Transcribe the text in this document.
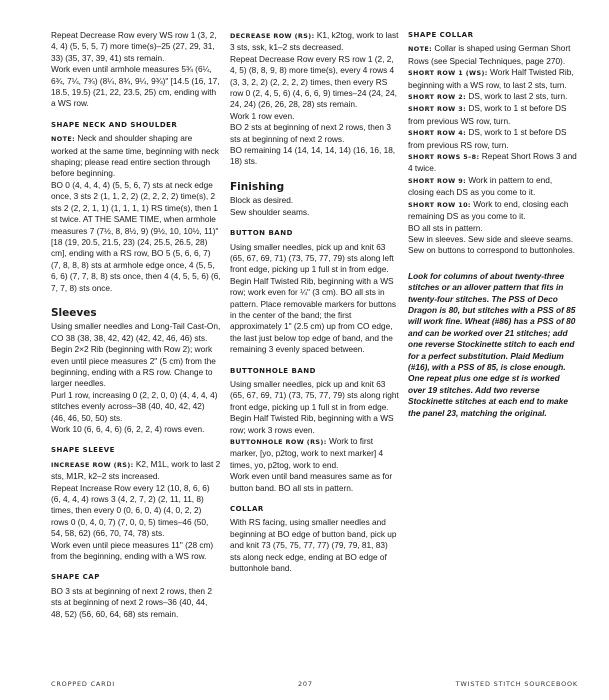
Repeat Decrease Row every WS row 1 (3, 2, 4, 4) (5, 5, 5, 7) more time(s)–25 (27, 29, 31, 33) (35, 37, 39, 41) sts remain.

Work even until armhole measures 5¾ (6¼, 6¾, 7¼, 7¾) (8¼, 8¾, 9¼, 9¾)" [14.5 (16, 17, 18.5, 19.5) (21, 22, 23.5, 25) cm, ending with a WS row.

SHAPE NECK AND SHOULDER

NOTE: Neck and shoulder shaping are worked at the same time, beginning with neck shaping; please read entire section through before beginning.

BO 0 (4, 4, 4, 4) (5, 5, 6, 7) sts at neck edge once, 3 sts 2 (1, 1, 2, 2) (2, 2, 2, 2) time(s), 2 sts 2 (2, 2, 1, 1) (1, 1, 1, 1) RS time(s), then 1 st twice. AT THE SAME TIME, when armhole measures 7 (7½, 8, 8½, 9) (9½, 10, 10½, 11)" [18 (19, 20.5, 21.5, 23) (24, 25.5, 26.5, 28) cm], ending with a RS row, BO 5 (5, 6, 6, 7) (7, 8, 8, 8) sts at armhole edge once, 4 (5, 5, 6, 6) (7, 7, 8, 8) sts once, then 4 (4, 5, 5, 6) (6, 7, 7, 8) sts once.

Sleeves

Using smaller needles and Long-Tail Cast-On, CO 38 (38, 38, 42, 42) (42, 42, 46, 46) sts.

Begin 2×2 Rib (beginning with Row 2); work even until piece measures 2" (5 cm) from the beginning, ending with a RS row. Change to larger needles.

Purl 1 row, increasing 0 (2, 2, 0, 0) (4, 4, 4, 4) stitches evenly across–38 (40, 40, 42, 42) (46, 46, 50, 50) sts.

Work 10 (6, 6, 4, 6) (6, 2, 2, 4) rows even.

SHAPE SLEEVE

INCREASE ROW (RS): K2, M1L, work to last 2 sts, M1R, k2–2 sts increased.

Repeat Increase Row every 12 (10, 8, 6, 6) (6, 4, 4, 4) rows 3 (4, 2, 7, 2) (2, 11, 11, 8) times, then every 0 (0, 6, 0, 4) (4, 0, 2, 2) rows 0 (0, 4, 0, 7) (7, 0, 0, 5) times–46 (50, 54, 58, 62) (66, 70, 74, 78) sts.

Work even until piece measures 11" (28 cm) from the beginning, ending with a WS row.

SHAPE CAP

BO 3 sts at beginning of next 2 rows, then 2 sts at beginning of next 2 rows–36 (40, 44, 48, 52) (56, 60, 64, 68) sts remain.

DECREASE ROW (RS): K1, k2tog, work to last 3 sts, ssk, k1–2 sts decreased.

Repeat Decrease Row every RS row 1 (2, 2, 4, 5) (8, 8, 9, 8) more time(s), every 4 rows 4 (3, 3, 2, 2) (2, 2, 2, 2) times, then every RS row 0 (2, 4, 5, 6) (4, 6, 6, 9) times–24 (24, 24, 24, 24) (26, 26, 28, 28) sts remain.

Work 1 row even.

BO 2 sts at beginning of next 2 rows, then 3 sts at beginning of next 2 rows.

BO remaining 14 (14, 14, 14, 14) (16, 16, 18, 18) sts.

Finishing

Block as desired.

Sew shoulder seams.

BUTTON BAND

Using smaller needles, pick up and knit 63 (65, 67, 69, 71) (73, 75, 77, 79) sts along left front edge, picking up 1 full st in from edge.

Begin Half Twisted Rib, beginning with a WS row; work even for ¼" (3 cm). BO all sts in pattern. Place removable markers for buttons in the center of the band; the first approximately 1" (2.5 cm) up from CO edge, the last just below top edge of band, and the remaining 3 evenly spaced between.

BUTTONHOLE BAND

Using smaller needles, pick up and knit 63 (65, 67, 69, 71) (73, 75, 77, 79) sts along right front edge, picking up 1 full st in from edge.

Begin Half Twisted Rib, beginning with a WS row; work 3 rows even.

BUTTONHOLE ROW (RS): Work to first marker, [yo, p2tog, work to next marker] 4 times, yo, p2tog, work to end.

Work even until band measures same as for button band. BO all sts in pattern.

COLLAR

With RS facing, using smaller needles and beginning at BO edge of button band, pick up and knit 73 (75, 75, 77, 77) (79, 79, 81, 83) sts along neck edge, ending at BO edge of buttonhole band.

SHAPE COLLAR

NOTE: Collar is shaped using German Short Rows (see Special Techniques, page 270).

SHORT ROW 1 (WS): Work Half Twisted Rib, beginning with a WS row, to last 2 sts, turn.

SHORT ROW 2: DS, work to last 2 sts, turn.

SHORT ROW 3: DS, work to 1 st before DS from previous WS row, turn.

SHORT ROW 4: DS, work to 1 st before DS from previous RS row, turn.

SHORT ROWS 5–8: Repeat Short Rows 3 and 4 twice.

SHORT ROW 9: Work in pattern to end, closing each DS as you come to it.

SHORT ROW 10: Work to end, closing each remaining DS as you come to it.

BO all sts in pattern.

Sew in sleeves. Sew side and sleeve seams. Sew on buttons to correspond to buttonholes.

Look for columns of about twenty-three stitches or an allover pattern that fits in twenty-four stitches. The PSS of Deco Dragon is 80, but stitches with a PSS of 85 will work fine. Wheat (#86) has a PSS of 80 and can be worked over 21 stitches; add one reverse Stockinette stitch to each end for a perfect substitution. Plaid Medium (#16), with a PSS of 85, is close enough. One repeat plus one edge st is worked over 19 stitches. Add two reverse Stockinette stitches at each end to make the panel 23, matching the original.

CROPPED CARDI	207	TWISTED STITCH SOURCEBOOK
